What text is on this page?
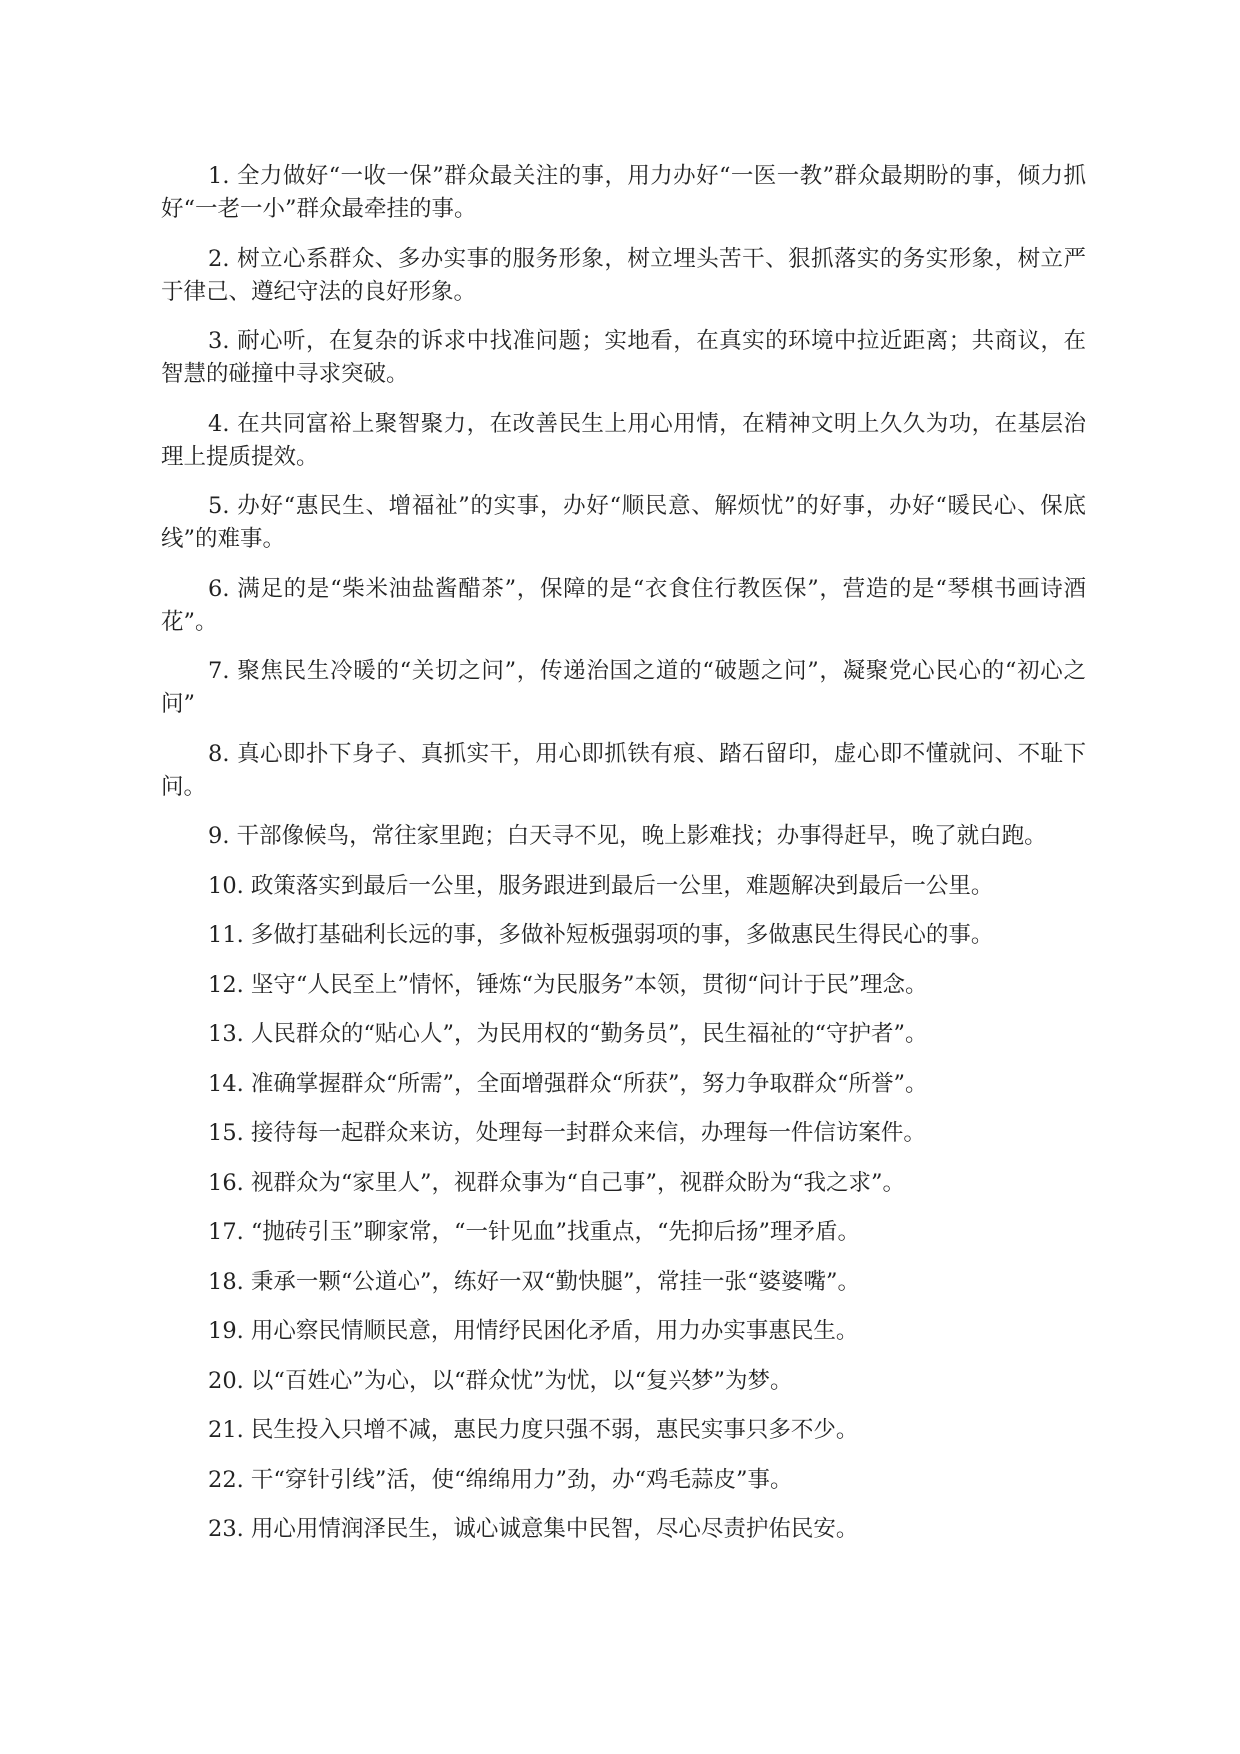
1. 全力做好“一收一保”群众最关注的事，用力办好“一医一教”群众最期盼的事，倾力抓好“一老一小”群众最牵挂的事。

2. 树立心系群众、多办实事的服务形象，树立埋头苦干、狠抓落实的务实形象，树立严于律己、遵纪守法的良好形象。

3. 耐心听，在复杂的诉求中找准问题；实地看，在真实的环境中拉近距离；共商议，在智慧的碰撞中寻求突破。

4. 在共同富裕上聚智聚力，在改善民生上用心用情，在精神文明上久久为功，在基层治理上提质提效。

5. 办好“惠民生、增福祉”的实事，办好“顺民意、解烦忧”的好事，办好“暖民心、保底线”的难事。

6. 满足的是“柴米油盐酱醋茶”，保障的是“衣食住行教医保”，营造的是“琴棋书画诗酒花”。

7. 聚焦民生冷暖的“关切之问”，传递治国之道的“破题之问”，凝聚党心民心的“初心之问”

8. 真心即扑下身子、真抓实干，用心即抓铁有痕、踏石留印，虚心即不懂就问、不耻下问。

9. 干部像候鸟，常往家里跑；白天寻不见，晚上影难找；办事得赶早，晚了就白跑。

10. 政策落实到最后一公里，服务跟进到最后一公里，难题解决到最后一公里。

11. 多做打基础利长远的事，多做补短板强弱项的事，多做惠民生得民心的事。

12. 坚守“人民至上”情怀，锤炼“为民服务”本领，贯彻“问计于民”理念。

13. 人民群众的“贴心人”，为民用权的“勤务员”，民生福祉的“守护者”。

14. 准确掌握群众“所需”，全面增强群众“所获”，努力争取群众“所誉”。

15. 接待每一起群众来访，处理每一封群众来信，办理每一件信访案件。

16. 视群众为“家里人”，视群众事为“自己事”，视群众盼为“我之求”。

17. “抛砖引玉”聊家常，“一针见血”找重点，“先抑后扬”理矛盾。

18. 秉承一颗“公道心”，练好一双“勤快腿”，常挂一张“婆婆嘴”。

19. 用心察民情顺民意，用情纾民困化矛盾，用力办实事惠民生。

20. 以“百姓心”为心，以“群众忧”为忧，以“复兴梦”为梦。

21. 民生投入只增不减，惠民力度只强不弱，惠民实事只多不少。

22. 干“穿针引线”活，使“绵绵用力”劲，办“鸡毛蒜皮”事。

23. 用心用情润泽民生，诚心诚意集中民智，尽心尽责护佑民安。
